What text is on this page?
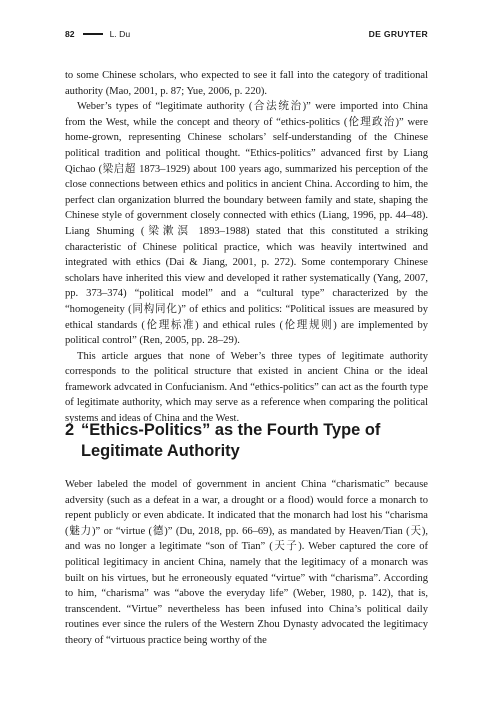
82	L. Du	DE GRUYTER

to some Chinese scholars, who expected to see it fall into the category of traditional authority (Mao, 2001, p. 87; Yue, 2006, p. 220).

Weber’s types of “legitimate authority (合法统治)” were imported into China from the West, while the concept and theory of “ethics-politics (伦理政治)” were home-grown, representing Chinese scholars’ self-understanding of the Chinese political tradition and political thought. “Ethics-politics” advanced first by Liang Qichao (梁启超 1873–1929) about 100 years ago, summarized his perception of the close connections between ethics and politics in ancient China. According to him, the perfect clan organization blurred the boundary between family and state, shaping the Chinese style of government closely connected with ethics (Liang, 1996, pp. 44–48). Liang Shuming (梁漱溟 1893–1988) stated that this constituted a striking characteristic of Chinese political practice, which was heavily intertwined and integrated with ethics (Dai & Jiang, 2001, p. 272). Some contemporary Chinese scholars have inherited this view and developed it rather systematically (Yang, 2007, pp. 373–374) “political model” and a “cultural type” characterized by the “homogeneity (同构同化)” of ethics and politics: “Political issues are measured by ethical standards (伦理标准) and ethical rules (伦理规则) are implemented by political control” (Ren, 2005, pp. 28–29).

This article argues that none of Weber’s three types of legitimate authority corresponds to the political structure that existed in ancient China or the ideal framework advcated in Confucianism. And “ethics-politics” can act as the fourth type of legitimate authority, which may serve as a reference when comparing the political systems and ideas of China and the West.

2 “Ethics-Politics” as the Fourth Type of Legitimate Authority

Weber labeled the model of government in ancient China “charismatic” because adversity (such as a defeat in a war, a drought or a flood) would force a monarch to repent publicly or even abdicate. It indicated that the monarch had lost his “charisma (魅力)” or “virtue (德)” (Du, 2018, pp. 66–69), as mandated by Heaven/Tian (天), and was no longer a legitimate “son of Tian” (天子). Weber captured the core of political legitimacy in ancient China, namely that the legitimacy of a monarch was built on his virtues, but he erroneously equated “virtue” with “charisma”. According to him, “charisma” was “above the everyday life” (Weber, 1980, p. 142), that is, transcendent. “Virtue” nevertheless has been infused into China’s political daily routines ever since the rulers of the Western Zhou Dynasty advocated the legitimacy theory of “virtuous practice being worthy of the
